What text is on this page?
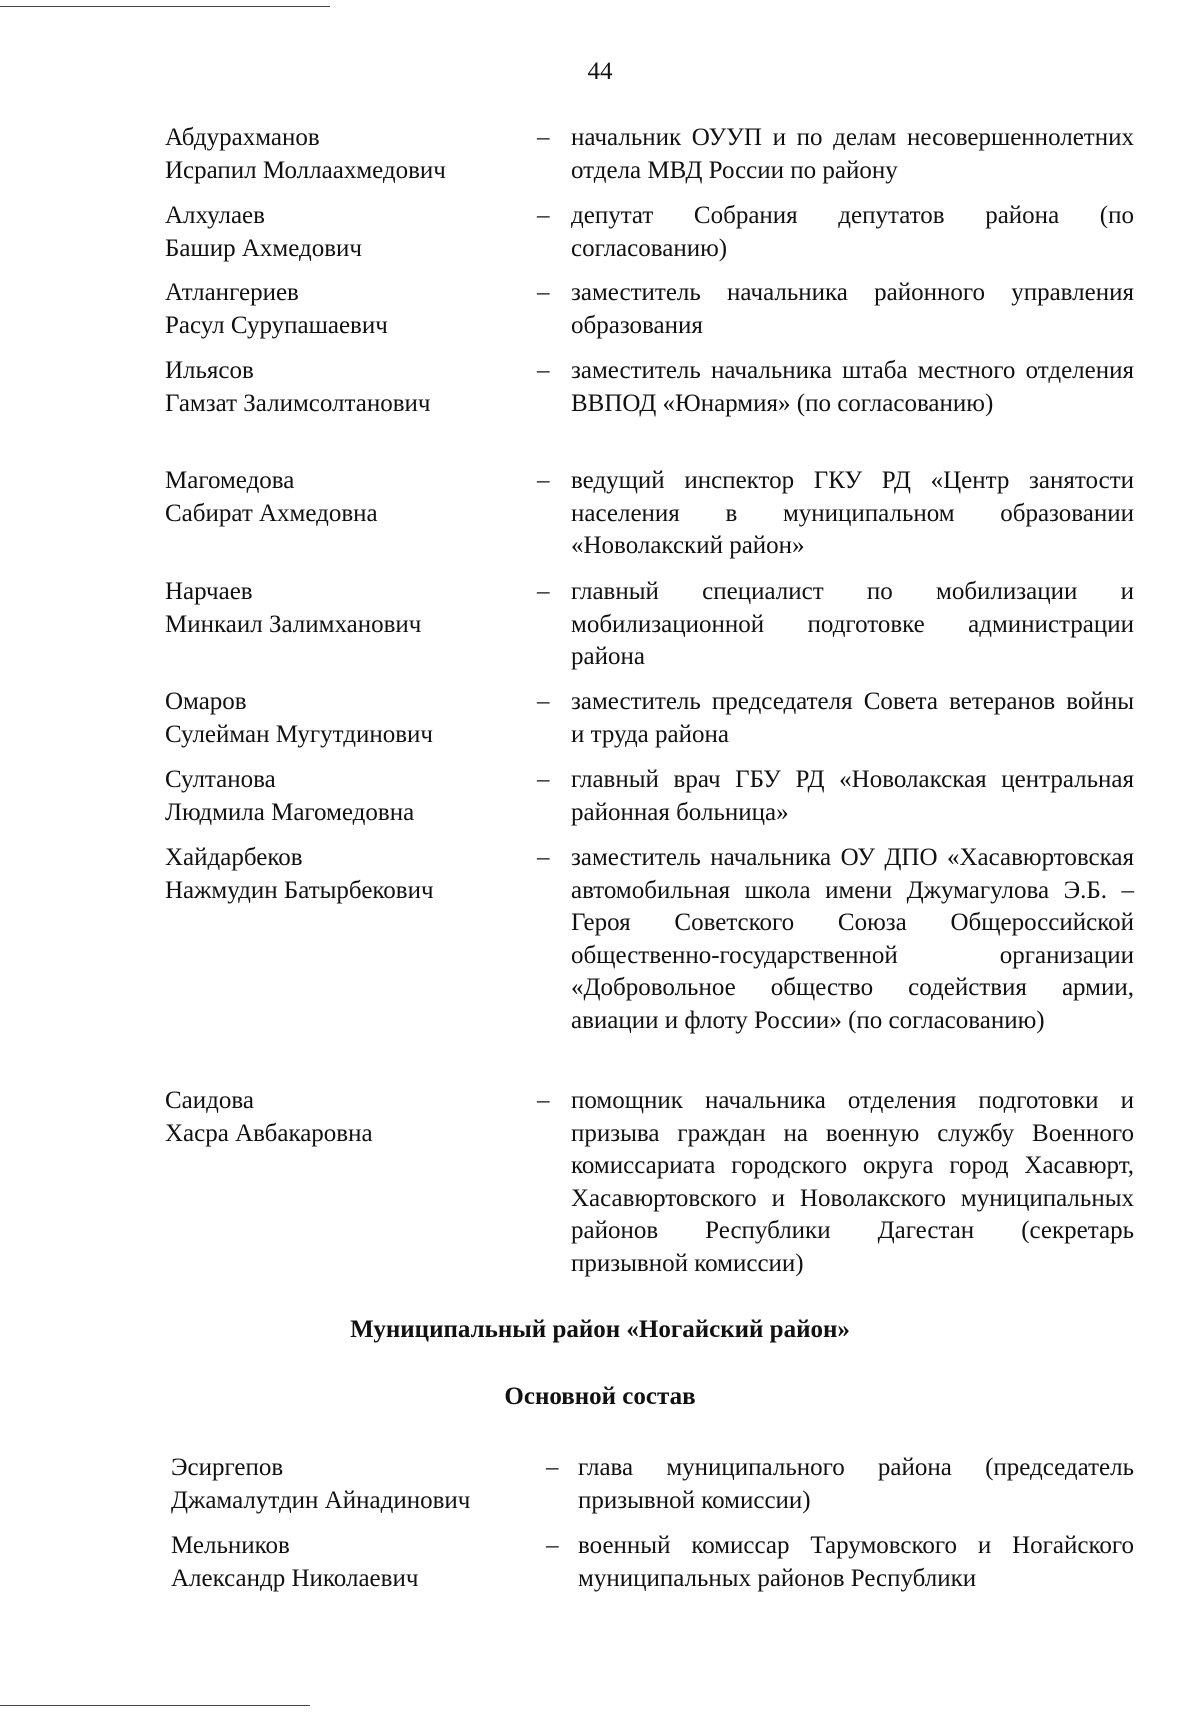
44
Абдурахманов
Исрапил Моллаахмедович
– начальник ОУУП и по делам несовершеннолетних отдела МВД России по району
Алхулаев
Башир Ахмедович
– депутат Собрания депутатов района (по согласованию)
Атлангериев
Расул Сурупашаевич
– заместитель начальника районного управления образования
Ильясов
Гамзат Залимсолтанович
– заместитель начальника штаба местного отделения ВВПОД «Юнармия» (по согласованию)
Магомедова
Сабират Ахмедовна
– ведущий инспектор ГКУ РД «Центр занятости населения в муниципальном образовании «Новолакский район»
Нарчаев
Минкаил Залимханович
– главный специалист по мобилизации и мобилизационной подготовке администрации района
Омаров
Сулейман Мугутдинович
– заместитель председателя Совета ветеранов войны и труда района
Султанова
Людмила Магомедовна
– главный врач ГБУ РД «Новолакская центральная районная больница»
Хайдарбеков
Нажмудин Батырбекович
– заместитель начальника ОУ ДПО «Хасавюртовская автомобильная школа имени Джумагулова Э.Б. – Героя Советского Союза Общероссийской общественно-государственной организации «Добровольное общество содействия армии, авиации и флоту России» (по согласованию)
Саидова
Хасра Авбакаровна
– помощник начальника отделения подготовки и призыва граждан на военную службу Военного комиссариата городского округа город Хасавюрт, Хасавюртовского и Новолакского муниципальных районов Республики Дагестан (секретарь призывной комиссии)
Муниципальный район «Ногайский район»
Основной состав
Эсиргепов
Джамалутдин Айнадинович
– глава муниципального района (председатель призывной комиссии)
Мельников
Александр Николаевич
– военный комиссар Тарумовского и Ногайского муниципальных районов Республики
